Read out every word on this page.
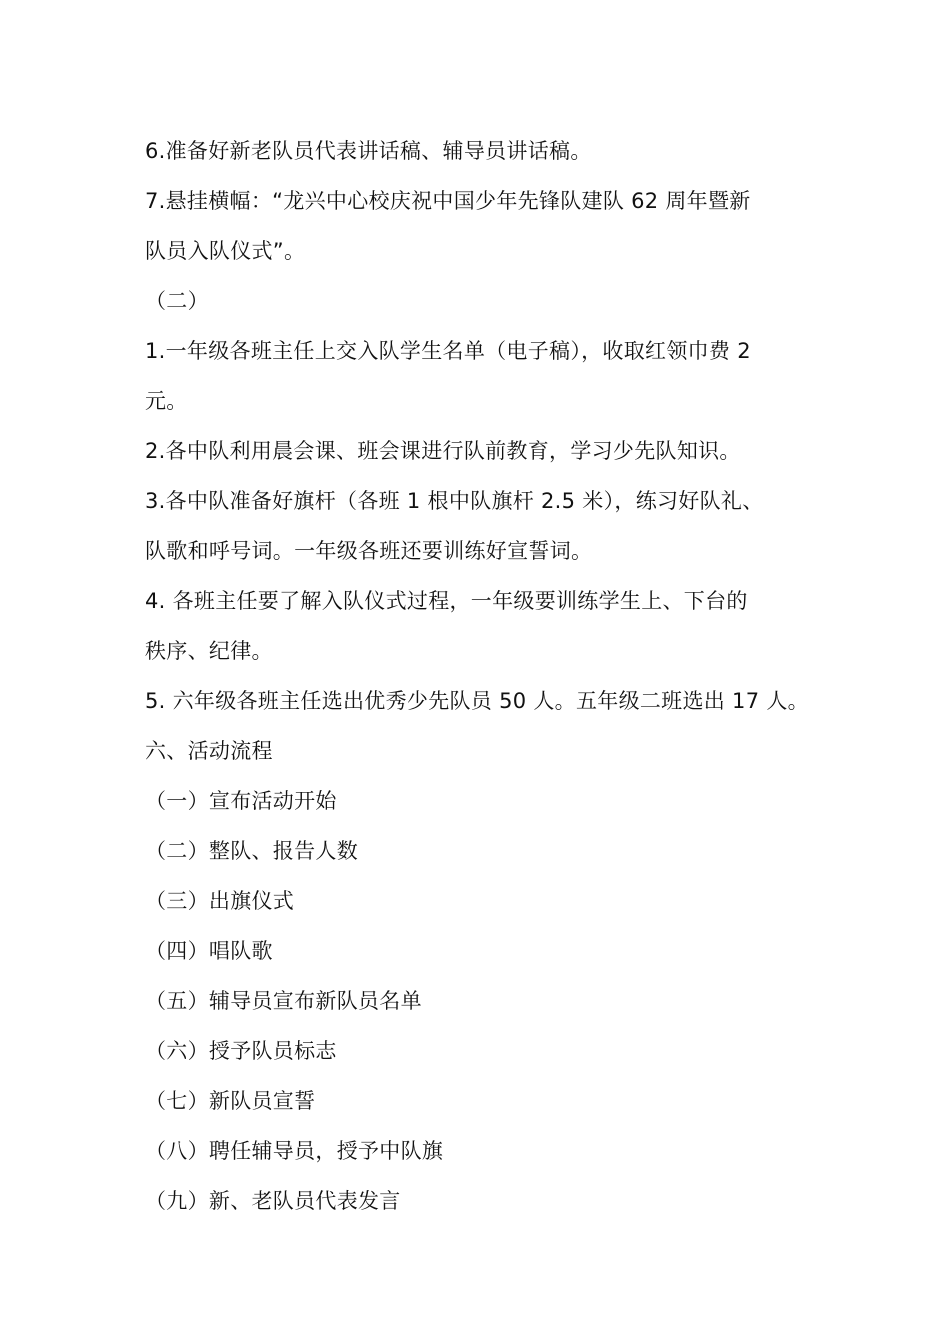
6.准备好新老队员代表讲话稿、辅导员讲话稿。
7.悬挂横幅：“龙兴中心校庆祝中国少年先锋队建队 62 周年暨新
队员入队仪式”。
（二）
1.一年级各班主任上交入队学生名单（电子稿），收取红领巾费 2
元。
2.各中队利用晨会课、班会课进行队前教育，学习少先队知识。
3.各中队准备好旗杆（各班 1 根中队旗杆 2.5 米），练习好队礼、
队歌和呼号词。一年级各班还要训练好宣誓词。
4. 各班主任要了解入队仪式过程，一年级要训练学生上、下台的
秩序、纪律。
5. 六年级各班主任选出优秀少先队员 50 人。五年级二班选出 17 人。
六、活动流程
（一）宣布活动开始
（二）整队、报告人数
（三）出旗仪式
（四）唱队歌
（五）辅导员宣布新队员名单
（六）授予队员标志
（七）新队员宣誓
（八）聘任辅导员，授予中队旗
（九）新、老队员代表发言
